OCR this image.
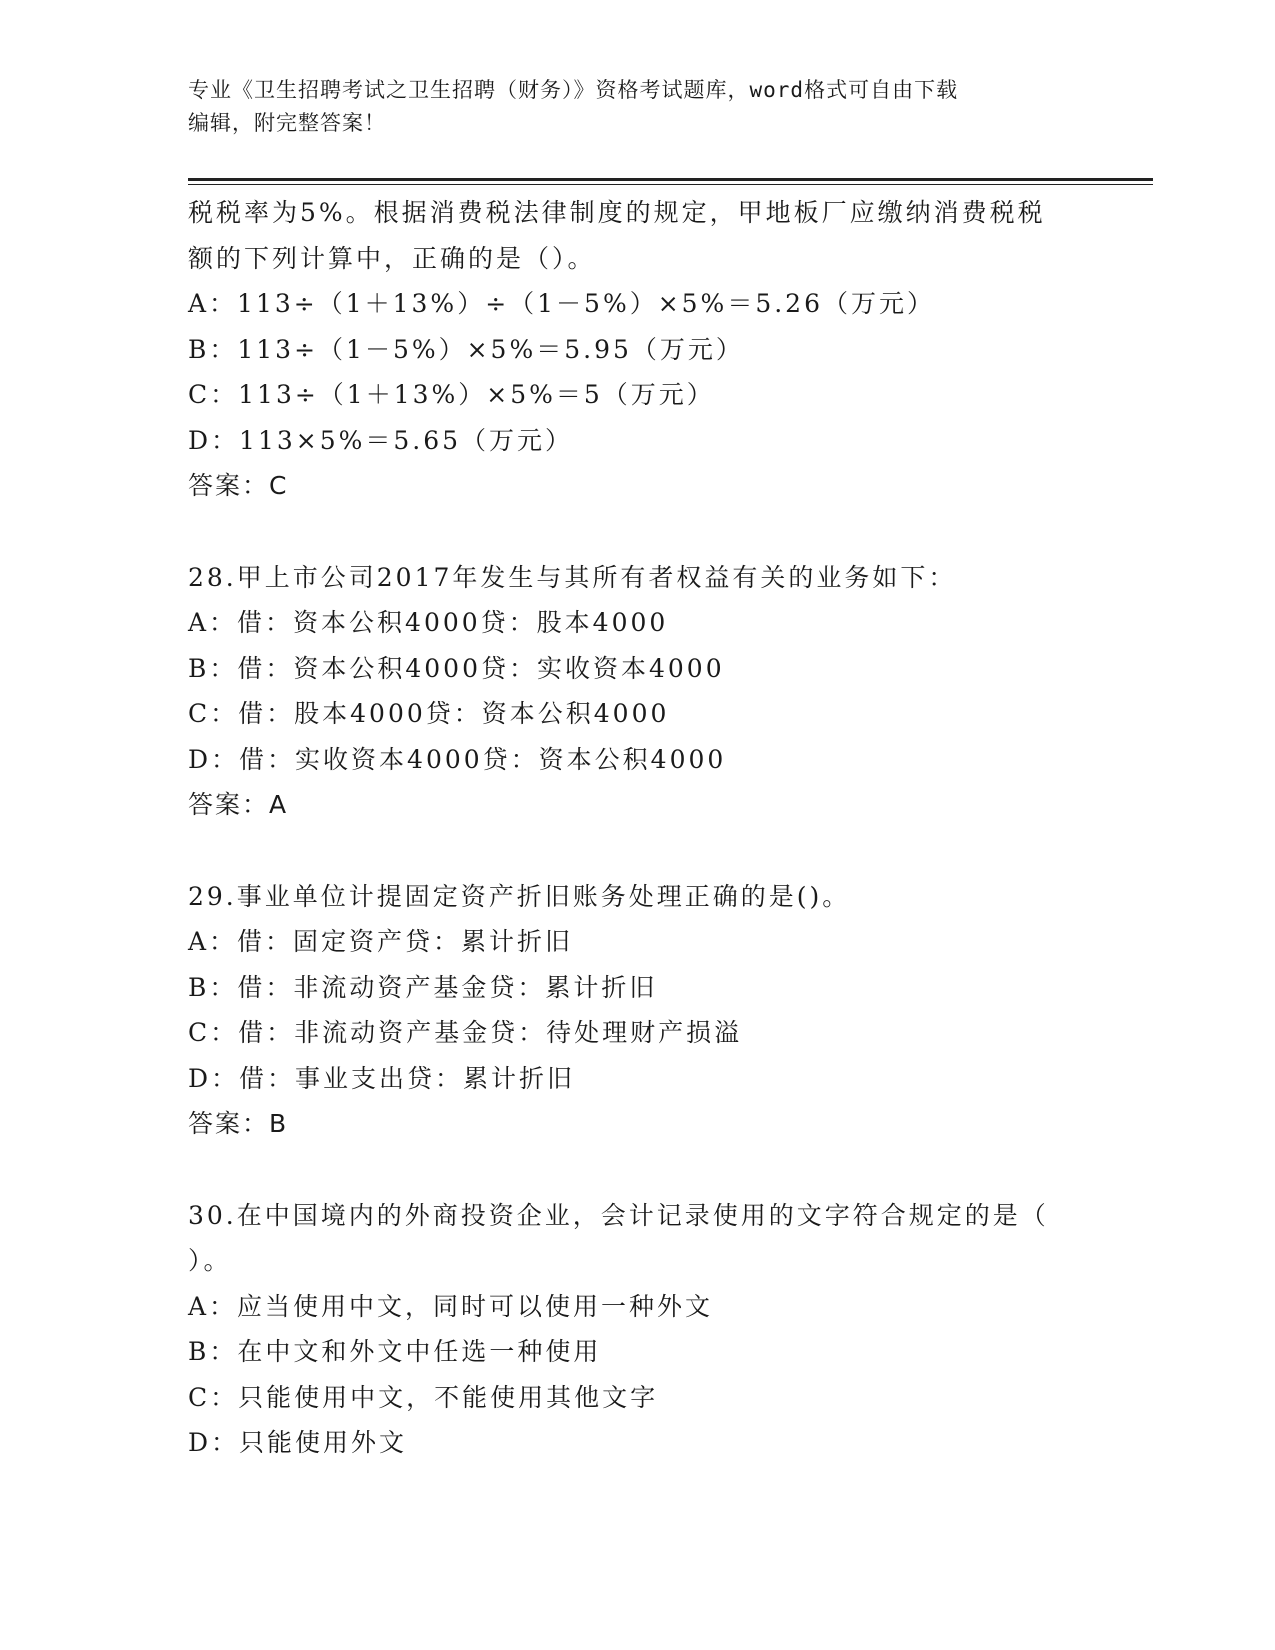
专业《卫生招聘考试之卫生招聘（财务）》资格考试题库，word格式可自由下载
编辑，附完整答案！
税税率为5%。根据消费税法律制度的规定，甲地板厂应缴纳消费税税
额的下列计算中，正确的是（）。
A：113÷（1＋13%）÷（1－5%）×5%＝5.26（万元）
B：113÷（1－5%）×5%＝5.95（万元）
C：113÷（1＋13%）×5%＝5（万元）
D：113×5%＝5.65（万元）
答案：C
28.甲上市公司2017年发生与其所有者权益有关的业务如下：
A：借：资本公积4000贷：股本4000
B：借：资本公积4000贷：实收资本4000
C：借：股本4000贷：资本公积4000
D：借：实收资本4000贷：资本公积4000
答案：A
29.事业单位计提固定资产折旧账务处理正确的是()。
A：借：固定资产贷：累计折旧
B：借：非流动资产基金贷：累计折旧
C：借：非流动资产基金贷：待处理财产损溢
D：借：事业支出贷：累计折旧
答案：B
30.在中国境内的外商投资企业，会计记录使用的文字符合规定的是（
）。
A：应当使用中文，同时可以使用一种外文
B：在中文和外文中任选一种使用
C：只能使用中文，不能使用其他文字
D：只能使用外文
